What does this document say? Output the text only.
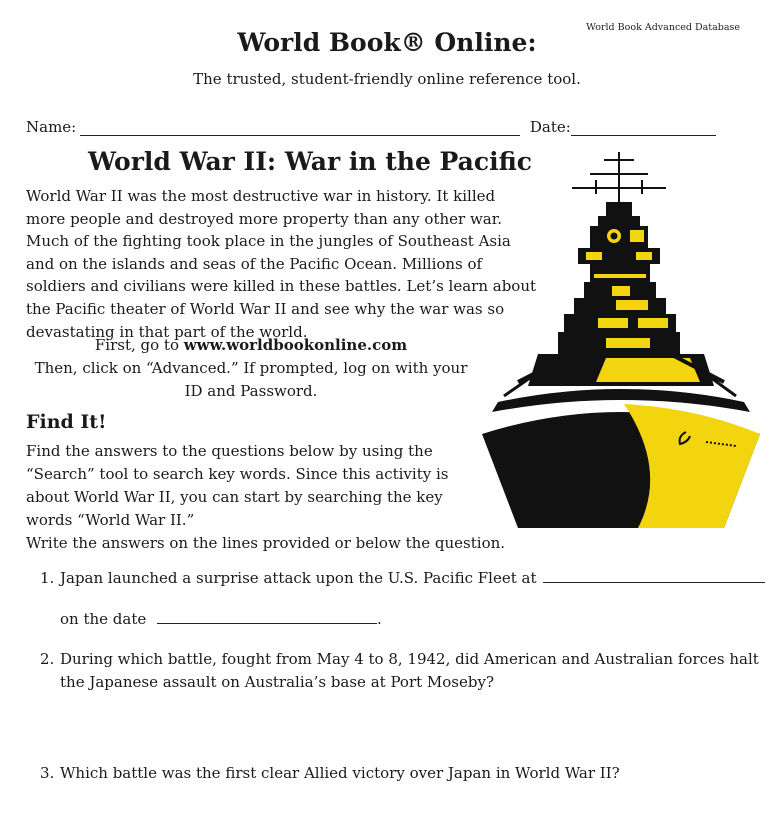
World Book Advanced Database
World Book® Online:
The trusted, student-friendly online reference tool.
Name:	Date:
World War II: War in the Pacific
World War II was the most destructive war in history. It killed more people and destroyed more property than any other war. Much of the fighting took place in the jungles of Southeast Asia and on the islands and seas of the Pacific Ocean. Millions of soldiers and civilians were killed in these battles. Let’s learn about the Pacific theater of World War II and see why the war was so devastating in that part of the world.
First, go to www.worldbookonline.com
Then, click on “Advanced.” If prompted, log on with your ID and Password.
Find It!
Find the answers to the questions below by using the “Search” tool to search key words. Since this activity is about World War II, you can start by searching the key words “World War II.”
Write the answers on the lines provided or below the question.
1. Japan launched a surprise attack upon the U.S. Pacific Fleet at
on the date	.
2. During which battle, fought from May 4 to 8, 1942, did American and Australian forces halt the Japanese assault on Australia’s base at Port Moseby?
3. Which battle was the first clear Allied victory over Japan in World War II?
